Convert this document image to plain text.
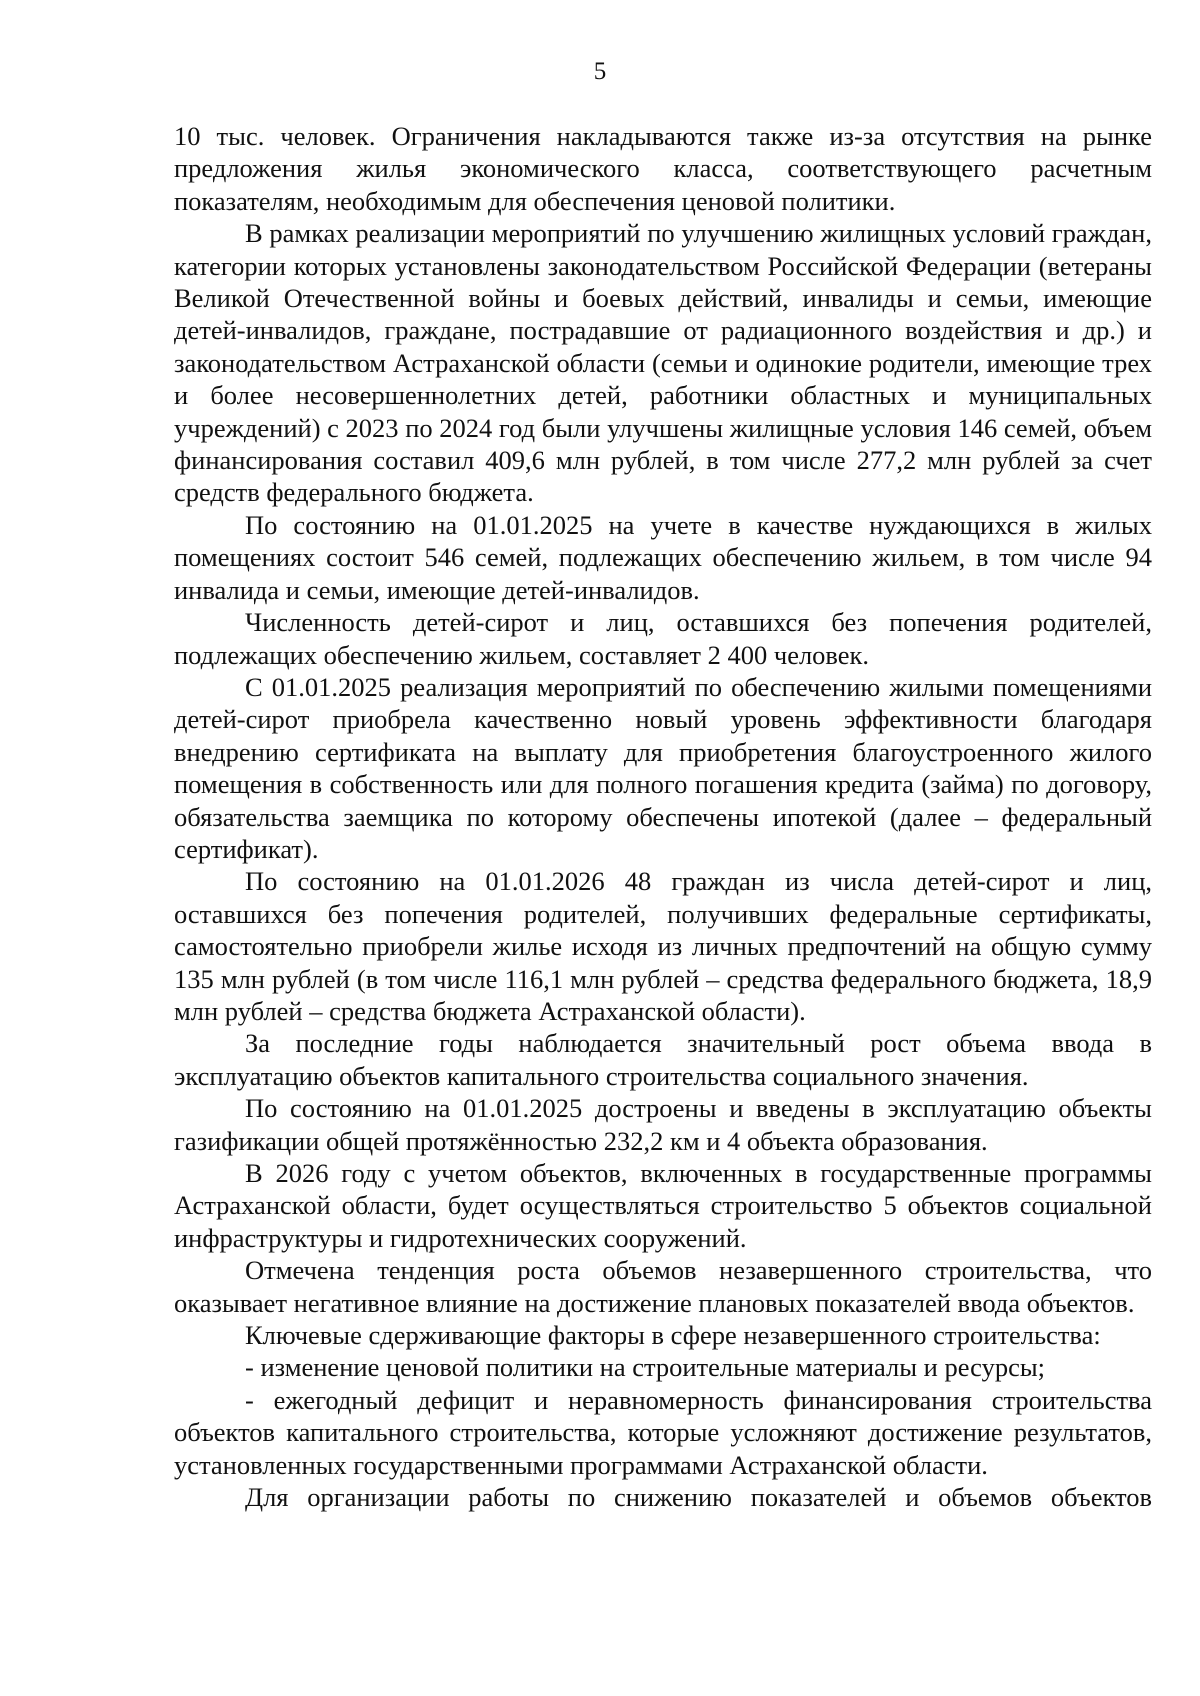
5

10 тыс. человек. Ограничения накладываются также из-за отсутствия на рынке предложения жилья экономического класса, соответствующего расчетным показателям, необходимым для обеспечения ценовой политики.

В рамках реализации мероприятий по улучшению жилищных условий граждан, категории которых установлены законодательством Российской Федерации (ветераны Великой Отечественной войны и боевых действий, инвалиды и семьи, имеющие детей-инвалидов, граждане, пострадавшие от радиационного воздействия и др.) и законодательством Астраханской области (семьи и одинокие родители, имеющие трех и более несовершеннолетних детей, работники областных и муниципальных учреждений) с 2023 по 2024 год были улучшены жилищные условия 146 семей, объем финансирования составил 409,6 млн рублей, в том числе 277,2 млн рублей за счет средств федерального бюджета.

По состоянию на 01.01.2025 на учете в качестве нуждающихся в жилых помещениях состоит 546 семей, подлежащих обеспечению жильем, в том числе 94 инвалида и семьи, имеющие детей-инвалидов.

Численность детей-сирот и лиц, оставшихся без попечения родителей, подлежащих обеспечению жильем, составляет 2 400 человек.

С 01.01.2025 реализация мероприятий по обеспечению жилыми помещениями детей-сирот приобрела качественно новый уровень эффективности благодаря внедрению сертификата на выплату для приобретения благоустроенного жилого помещения в собственность или для полного погашения кредита (займа) по договору, обязательства заемщика по которому обеспечены ипотекой (далее – федеральный сертификат).

По состоянию на 01.01.2026 48 граждан из числа детей-сирот и лиц, оставшихся без попечения родителей, получивших федеральные сертификаты, самостоятельно приобрели жилье исходя из личных предпочтений на общую сумму 135 млн рублей (в том числе 116,1 млн рублей – средства федерального бюджета, 18,9 млн рублей – средства бюджета Астраханской области).

За последние годы наблюдается значительный рост объема ввода в эксплуатацию объектов капитального строительства социального значения.

По состоянию на 01.01.2025 достроены и введены в эксплуатацию объекты газификации общей протяжённостью 232,2 км и 4 объекта образования.

В 2026 году с учетом объектов, включенных в государственные программы Астраханской области, будет осуществляться строительство 5 объектов социальной инфраструктуры и гидротехнических сооружений.

Отмечена тенденция роста объемов незавершенного строительства, что оказывает негативное влияние на достижение плановых показателей ввода объектов.

Ключевые сдерживающие факторы в сфере незавершенного строительства:

- изменение ценовой политики на строительные материалы и ресурсы;

- ежегодный дефицит и неравномерность финансирования строительства объектов капитального строительства, которые усложняют достижение результатов, установленных государственными программами Астраханской области.

Для организации работы по снижению показателей и объемов объектов
